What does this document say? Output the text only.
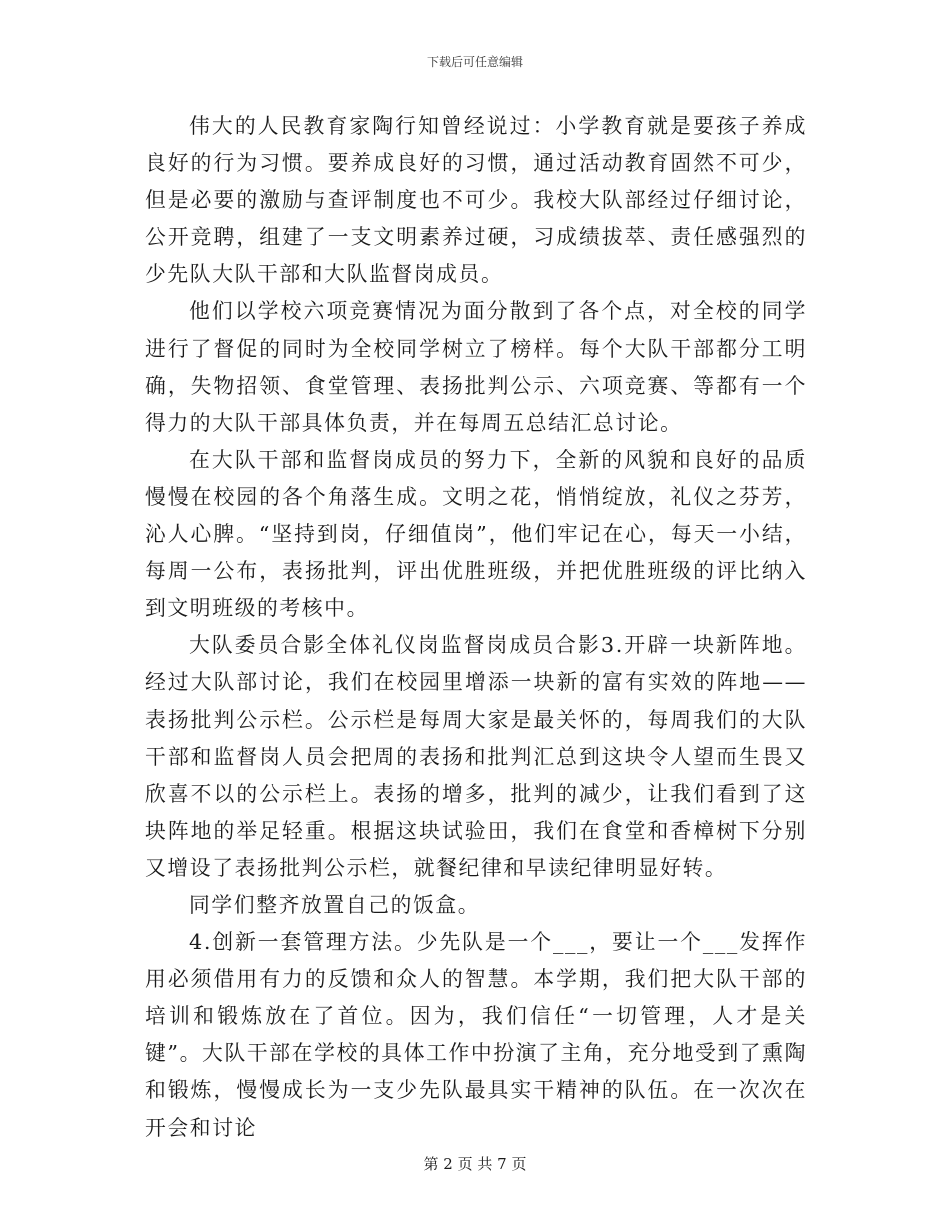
下载后可任意编辑

伟大的人民教育家陶行知曾经说过：小学教育就是要孩子养成良好的行为习惯。要养成良好的习惯，通过活动教育固然不可少，但是必要的激励与查评制度也不可少。我校大队部经过仔细讨论，公开竞聘，组建了一支文明素养过硬，习成绩拔萃、责任感强烈的少先队大队干部和大队监督岗成员。

他们以学校六项竞赛情况为面分散到了各个点，对全校的同学进行了督促的同时为全校同学树立了榜样。每个大队干部都分工明确，失物招领、食堂管理、表扬批判公示、六项竞赛、等都有一个得力的大队干部具体负责，并在每周五总结汇总讨论。

在大队干部和监督岗成员的努力下，全新的风貌和良好的品质慢慢在校园的各个角落生成。文明之花，悄悄绽放，礼仪之芬芳，沁人心脾。“坚持到岗，仔细值岗”，他们牢记在心，每天一小结，每周一公布，表扬批判，评出优胜班级，并把优胜班级的评比纳入到文明班级的考核中。

大队委员合影全体礼仪岗监督岗成员合影3.开辟一块新阵地。经过大队部讨论，我们在校园里增添一块新的富有实效的阵地——表扬批判公示栏。公示栏是每周大家是最关怀的，每周我们的大队干部和监督岗人员会把周的表扬和批判汇总到这块令人望而生畏又欣喜不以的公示栏上。表扬的增多，批判的减少，让我们看到了这块阵地的举足轻重。根据这块试验田，我们在食堂和香樟树下分别又增设了表扬批判公示栏，就餐纪律和早读纪律明显好转。

同学们整齐放置自己的饭盒。

4.创新一套管理方法。少先队是一个___，要让一个___发挥作用必须借用有力的反馈和众人的智慧。本学期，我们把大队干部的培训和锻炼放在了首位。因为，我们信任“一切管理，人才是关键”。大队干部在学校的具体工作中扮演了主角，充分地受到了熏陶和锻炼，慢慢成长为一支少先队最具实干精神的队伍。在一次次在开会和讨论

第 2 页 共 7 页
